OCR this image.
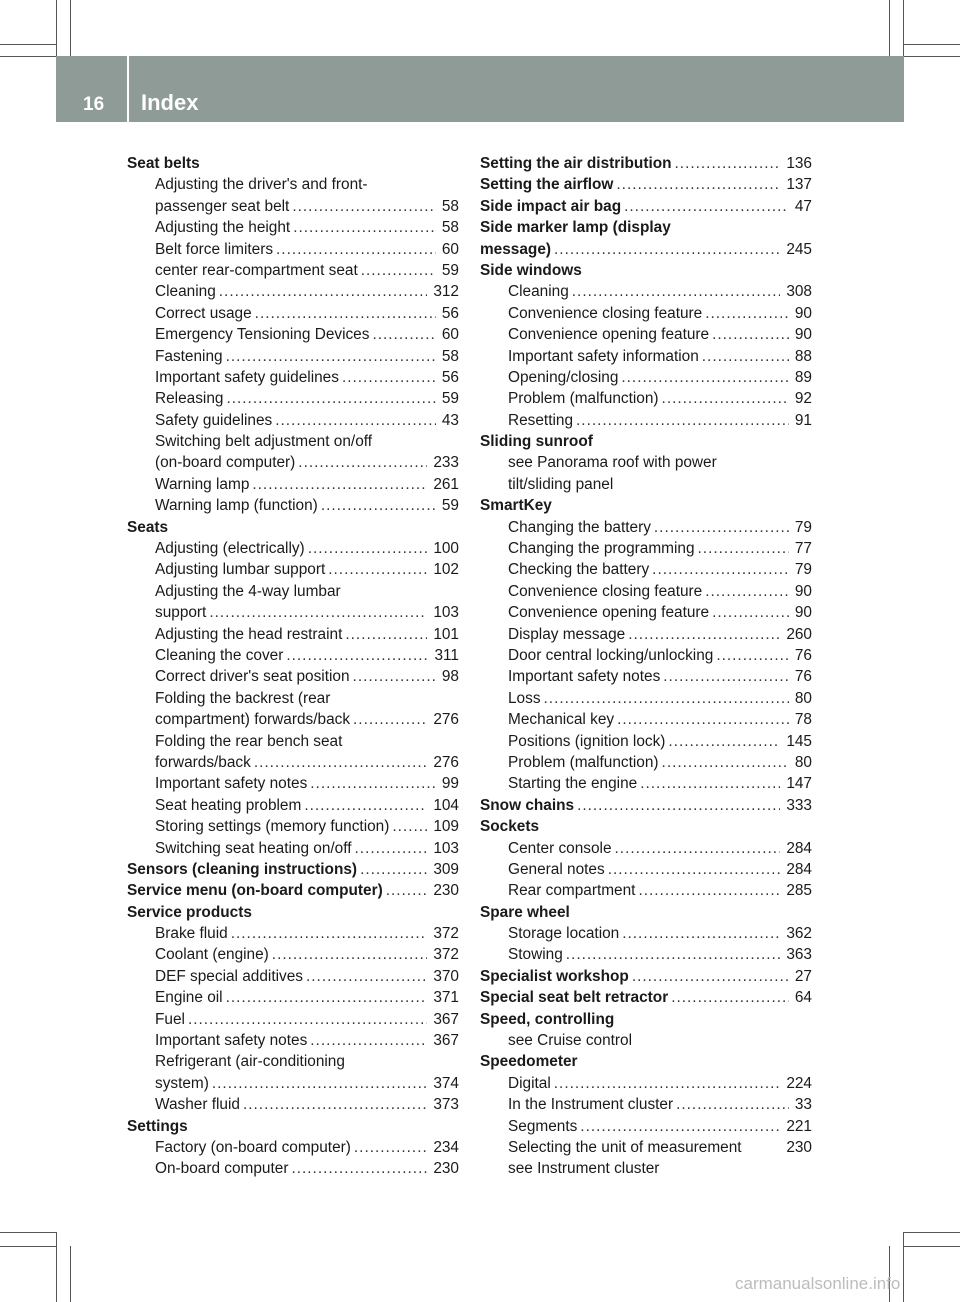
16 Index
Seat belts
Adjusting the driver's and front-
passenger seat belt .....	58
Adjusting the height .....	58
Belt force limiters .....	60
center rear-compartment seat .....	59
Cleaning .....	312
Correct usage .....	56
Emergency Tensioning Devices .....	60
Fastening .....	58
Important safety guidelines .....	56
Releasing .....	59
Safety guidelines .....	43
Switching belt adjustment on/off
(on-board computer) .....	233
Warning lamp .....	261
Warning lamp (function) .....	59
Seats
Adjusting (electrically) .....	100
Adjusting lumbar support .....	102
Adjusting the 4-way lumbar
support .....	103
Adjusting the head restraint .....	101
Cleaning the cover .....	311
Correct driver's seat position .....	98
Folding the backrest (rear
compartment) forwards/back .....	276
Folding the rear bench seat
forwards/back .....	276
Important safety notes .....	99
Seat heating problem .....	104
Storing settings (memory function) .....	109
Switching seat heating on/off .....	103
Sensors (cleaning instructions) .....	309
Service menu (on-board computer) .....	230
Service products
Brake fluid .....	372
Coolant (engine) .....	372
DEF special additives .....	370
Engine oil .....	371
Fuel .....	367
Important safety notes .....	367
Refrigerant (air-conditioning
system) .....	374
Washer fluid .....	373
Settings
Factory (on-board computer) .....	234
On-board computer .....	230
Setting the air distribution .....	136
Setting the airflow .....	137
Side impact air bag .....	47
Side marker lamp (display
message) .....	245
Side windows
Cleaning .....	308
Convenience closing feature .....	90
Convenience opening feature .....	90
Important safety information .....	88
Opening/closing .....	89
Problem (malfunction) .....	92
Resetting .....	91
Sliding sunroof
see Panorama roof with power
tilt/sliding panel
SmartKey
Changing the battery .....	79
Changing the programming .....	77
Checking the battery .....	79
Convenience closing feature .....	90
Convenience opening feature .....	90
Display message .....	260
Door central locking/unlocking .....	76
Important safety notes .....	76
Loss .....	80
Mechanical key .....	78
Positions (ignition lock) .....	145
Problem (malfunction) .....	80
Starting the engine .....	147
Snow chains .....	333
Sockets
Center console .....	284
General notes .....	284
Rear compartment .....	285
Spare wheel
Storage location .....	362
Stowing .....	363
Specialist workshop .....	27
Special seat belt retractor .....	64
Speed, controlling
see Cruise control
Speedometer
Digital .....	224
In the Instrument cluster .....	33
Segments .....	221
Selecting the unit of measurement	230
see Instrument cluster
carmanualsonline.info
